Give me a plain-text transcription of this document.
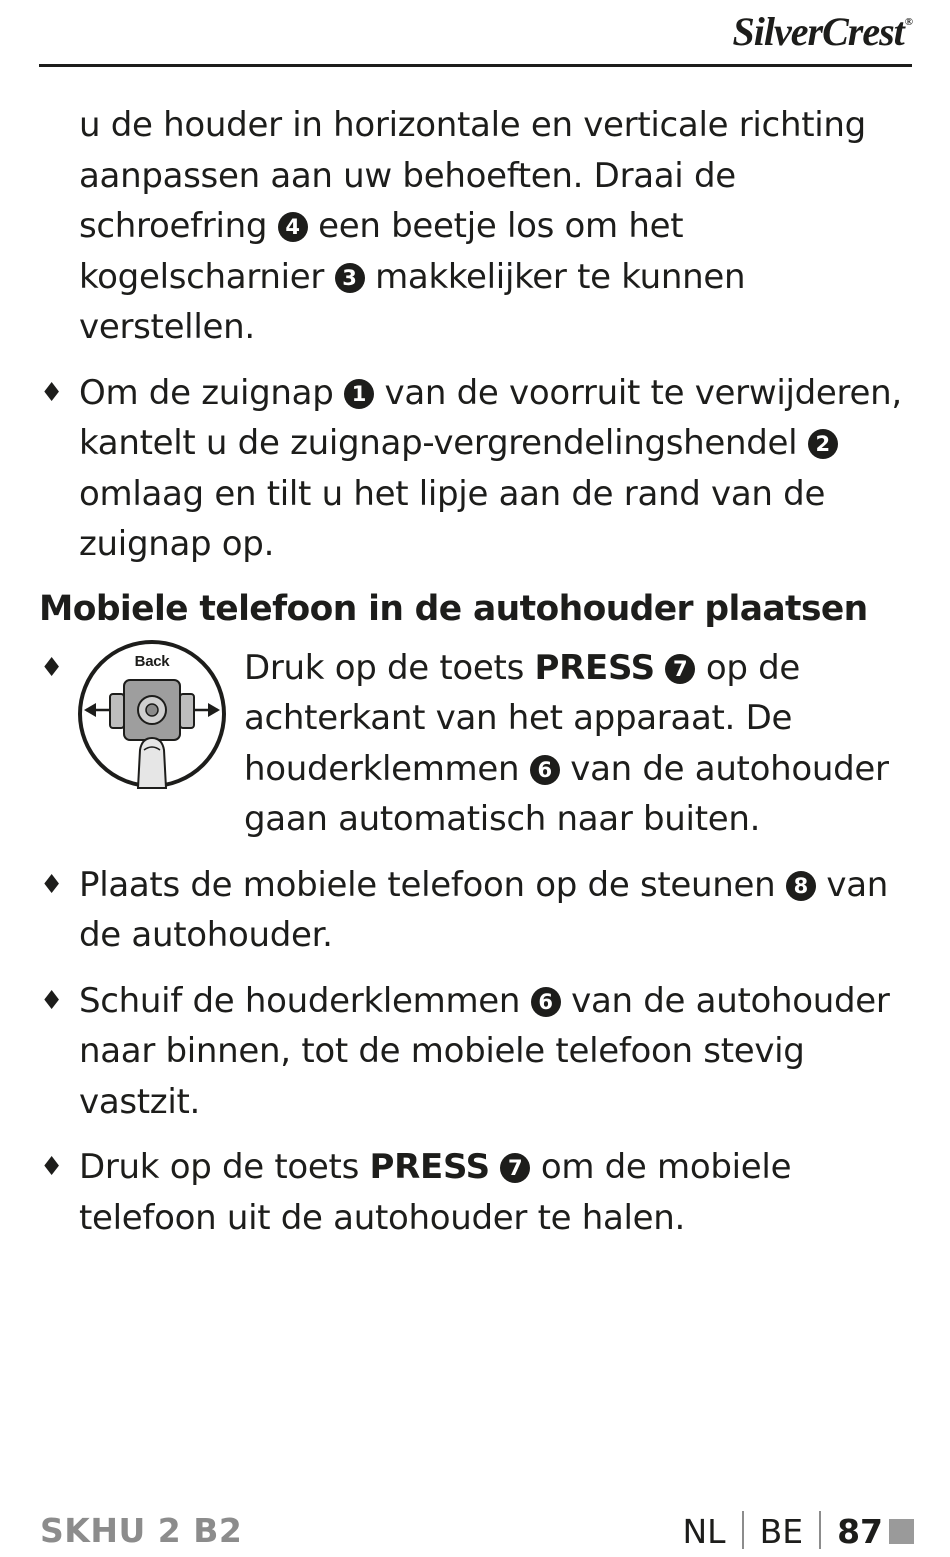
SilverCrest®

u de houder in horizontale en verticale richting aanpassen aan uw behoeften. Draai de schroefring 4 een beetje los om het kogelscharnier 3 makkelijker te kunnen verstellen.

♦ Om de zuignap 1 van de voorruit te verwijderen, kantelt u de zuignap-vergrendelingshendel 2 omlaag en tilt u het lipje aan de rand van de zuignap op.

Mobiele telefoon in de autohouder plaatsen
♦	Back Druk op de toets PRESS 7 op de achterkant van het apparaat. De houderklemmen 6 van de autohouder gaan automatisch naar buiten.

♦ Plaats de mobiele telefoon op de steunen 8 van de autohouder.

♦ Schuif de houderklemmen 6 van de autohouder naar binnen, tot de mobiele telefoon stevig vastzit.

♦ Druk op de toets PRESS 7 om de mobiele telefoon uit de autohouder te halen.

SKHU 2 B2	NL BE 87
